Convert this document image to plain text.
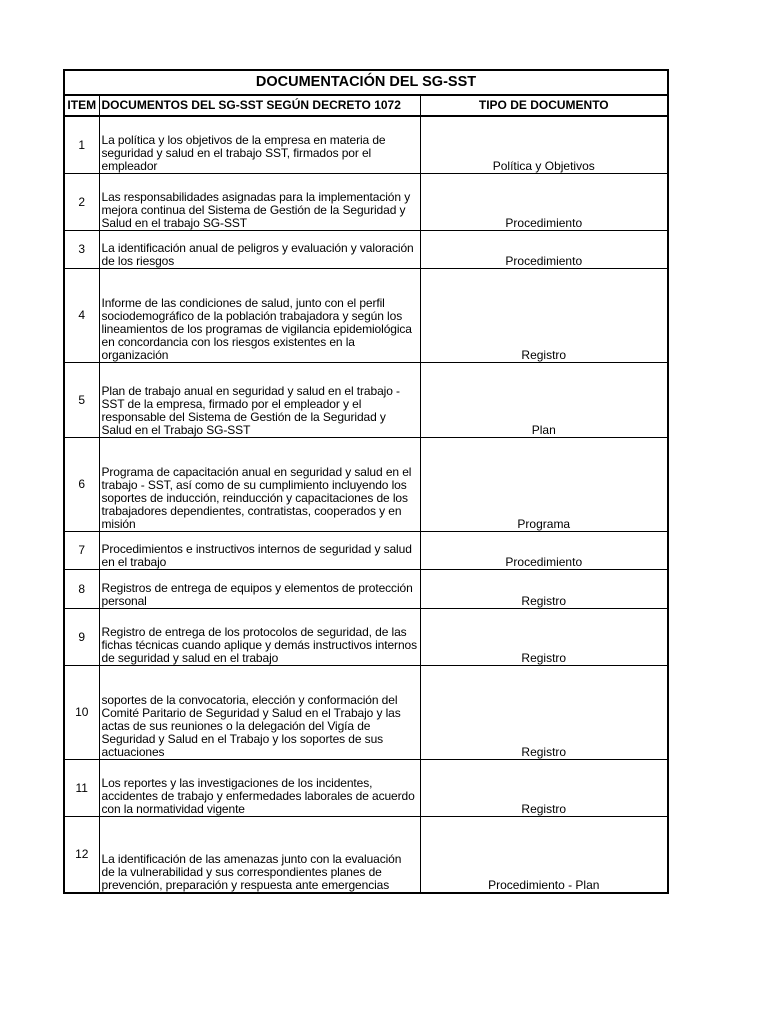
DOCUMENTACIÓN DEL SG-SST		
ITEM	DOCUMENTOS DEL SG-SST SEGÚN DECRETO 1072	TIPO DE DOCUMENTO
1	La política y los objetivos de la empresa en materia de seguridad y salud en el trabajo SST, firmados por el empleador	Política y Objetivos
2	Las responsabilidades asignadas para la implementación y mejora continua del Sistema de Gestión de la Seguridad y Salud en el trabajo SG-SST	Procedimiento
3	La identificación anual de peligros y evaluación y valoración de los riesgos	Procedimiento
4	Informe de las condiciones de salud, junto con el perfil sociodemográfico de la población trabajadora y según los lineamientos de los programas de vigilancia epidemiológica en concordancia con los riesgos existentes en la organización	Registro
5	Plan de trabajo anual en seguridad y salud en el trabajo - SST de la empresa, firmado por el empleador y el responsable del Sistema de Gestión de la Seguridad y Salud en el Trabajo SG-SST	Plan
6	Programa de capacitación anual en seguridad y salud en el trabajo - SST, así como de su cumplimiento incluyendo los soportes de inducción, reinducción y capacitaciones de los trabajadores dependientes, contratistas, cooperados y en misión	Programa
7	Procedimientos e instructivos internos de seguridad y salud en el trabajo	Procedimiento
8	Registros de entrega de equipos y elementos de protección personal	Registro
9	Registro de entrega de los protocolos de seguridad, de las fichas técnicas cuando aplique y demás instructivos internos de seguridad y salud en el trabajo	Registro
10	soportes de la convocatoria, elección y conformación del Comité Paritario de Seguridad y Salud en el Trabajo y las actas de sus reuniones o la delegación del Vigía de Seguridad y Salud en el Trabajo y los soportes de sus actuaciones	Registro
11	Los reportes y las investigaciones de los incidentes, accidentes de trabajo y enfermedades laborales de acuerdo con la normatividad vigente	Registro
12	La identificación de las amenazas junto con la evaluación de la vulnerabilidad y sus correspondientes planes de prevención, preparación y respuesta ante emergencias	Procedimiento - Plan
